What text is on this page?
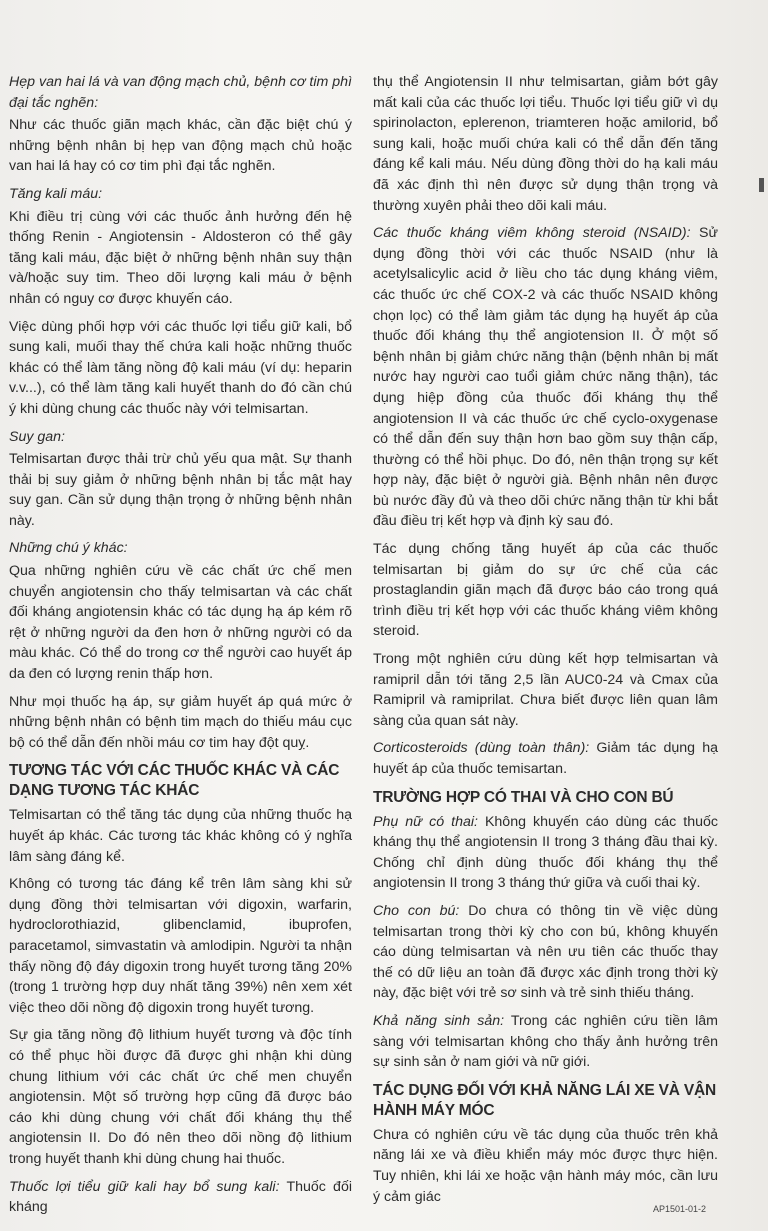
Hẹp van hai lá và van động mạch chủ, bệnh cơ tim phì đại tắc nghẽn:

Như các thuốc giãn mạch khác, cần đặc biệt chú ý những bệnh nhân bị hẹp van động mạch chủ hoặc van hai lá hay có cơ tim phì đại tắc nghẽn.

Tăng kali máu:

Khi điều trị cùng với các thuốc ảnh hưởng đến hệ thống Renin - Angiotensin - Aldosteron có thể gây tăng kali máu, đặc biệt ở những bệnh nhân suy thận và/hoặc suy tim. Theo dõi lượng kali máu ở bệnh nhân có nguy cơ được khuyến cáo.

Việc dùng phối hợp với các thuốc lợi tiểu giữ kali, bổ sung kali, muối thay thế chứa kali hoặc những thuốc khác có thể làm tăng nồng độ kali máu (ví dụ: heparin v.v...), có thể làm tăng kali huyết thanh do đó cần chú ý khi dùng chung các thuốc này với telmisartan.

Suy gan:

Telmisartan được thải trừ chủ yếu qua mật. Sự thanh thải bị suy giảm ở những bệnh nhân bị tắc mật hay suy gan. Cần sử dụng thận trọng ở những bệnh nhân này.

Những chú ý khác:

Qua những nghiên cứu về các chất ức chế men chuyển angiotensin cho thấy telmisartan và các chất đối kháng angiotensin khác có tác dụng hạ áp kém rõ rệt ở những người da đen hơn ở những người có da màu khác. Có thể do trong cơ thể người cao huyết áp da đen có lượng renin thấp hơn.

Như mọi thuốc hạ áp, sự giảm huyết áp quá mức ở những bệnh nhân có bệnh tim mạch do thiếu máu cục bộ có thể dẫn đến nhồi máu cơ tim hay đột quỵ.

TƯƠNG TÁC VỚI CÁC THUỐC KHÁC VÀ CÁC DẠNG TƯƠNG TÁC KHÁC

Telmisartan có thể tăng tác dụng của những thuốc hạ huyết áp khác. Các tương tác khác không có ý nghĩa lâm sàng đáng kể.

Không có tương tác đáng kể trên lâm sàng khi sử dụng đồng thời telmisartan với digoxin, warfarin, hydroclorothiazid, glibenclamid, ibuprofen, paracetamol, simvastatin và amlodipin. Người ta nhận thấy nồng độ đáy digoxin trong huyết tương tăng 20% (trong 1 trường hợp duy nhất tăng 39%) nên xem xét việc theo dõi nồng độ digoxin trong huyết tương.

Sự gia tăng nồng độ lithium huyết tương và độc tính có thể phục hồi được đã được ghi nhận khi dùng chung lithium với các chất ức chế men chuyển angiotensin. Một số trường hợp cũng đã được báo cáo khi dùng chung với chất đối kháng thụ thể angiotensin II. Do đó nên theo dõi nồng độ lithium trong huyết thanh khi dùng chung hai thuốc.

Thuốc lợi tiểu giữ kali hay bổ sung kali: Thuốc đối kháng

thụ thể Angiotensin II như telmisartan, giảm bớt gây mất kali của các thuốc lợi tiểu. Thuốc lợi tiểu giữ vì dụ spirinolacton, eplerenon, triamteren hoặc amilorid, bổ sung kali, hoặc muối chứa kali có thể dẫn đến tăng đáng kể kali máu. Nếu dùng đồng thời do hạ kali máu đã xác định thì nên được sử dụng thận trọng và thường xuyên phải theo dõi kali máu.

Các thuốc kháng viêm không steroid (NSAID): Sử dụng đồng thời với các thuốc NSAID (như là acetylsalicylic acid ở liều cho tác dụng kháng viêm, các thuốc ức chế COX-2 và các thuốc NSAID không chọn lọc) có thể làm giảm tác dụng hạ huyết áp của thuốc đối kháng thụ thể angiotension II. Ở một số bệnh nhân bị giảm chức năng thận (bệnh nhân bị mất nước hay người cao tuổi giảm chức năng thận), tác dụng hiệp đồng của thuốc đối kháng thụ thể angiotension II và các thuốc ức chế cyclo-oxygenase có thể dẫn đến suy thận hơn bao gồm suy thận cấp, thường có thể hồi phục. Do đó, nên thận trọng sự kết hợp này, đặc biệt ở người già. Bệnh nhân nên được bù nước đầy đủ và theo dõi chức năng thận từ khi bắt đầu điều trị kết hợp và định kỳ sau đó.

Tác dụng chống tăng huyết áp của các thuốc telmisartan bị giảm do sự ức chế của các prostaglandin giãn mạch đã được báo cáo trong quá trình điều trị kết hợp với các thuốc kháng viêm không steroid.

Trong một nghiên cứu dùng kết hợp telmisartan và ramipril dẫn tới tăng 2,5 lần AUC0-24 và Cmax của Ramipril và ramiprilat. Chưa biết được liên quan lâm sàng của quan sát này.

Corticosteroids (dùng toàn thân): Giảm tác dụng hạ huyết áp của thuốc temisartan.

TRƯỜNG HỢP CÓ THAI VÀ CHO CON BÚ

Phụ nữ có thai: Không khuyến cáo dùng các thuốc kháng thụ thể angiotensin II trong 3 tháng đầu thai kỳ. Chống chỉ định dùng thuốc đối kháng thụ thể angiotensin II trong 3 tháng thứ giữa và cuối thai kỳ.

Cho con bú: Do chưa có thông tin về việc dùng telmisartan trong thời kỳ cho con bú, không khuyến cáo dùng telmisartan và nên ưu tiên các thuốc thay thế có dữ liệu an toàn đã được xác định trong thời kỳ này, đặc biệt với trẻ sơ sinh và trẻ sinh thiếu tháng.

Khả năng sinh sản: Trong các nghiên cứu tiền lâm sàng với telmisartan không cho thấy ảnh hưởng trên sự sinh sản ở nam giới và nữ giới.

TÁC DỤNG ĐỐI VỚI KHẢ NĂNG LÁI XE VÀ VẬN HÀNH MÁY MÓC

Chưa có nghiên cứu về tác dụng của thuốc trên khả năng lái xe và điều khiển máy móc được thực hiện. Tuy nhiên, khi lái xe hoặc vận hành máy móc, cần lưu ý cảm giác

AP1501-01-2
